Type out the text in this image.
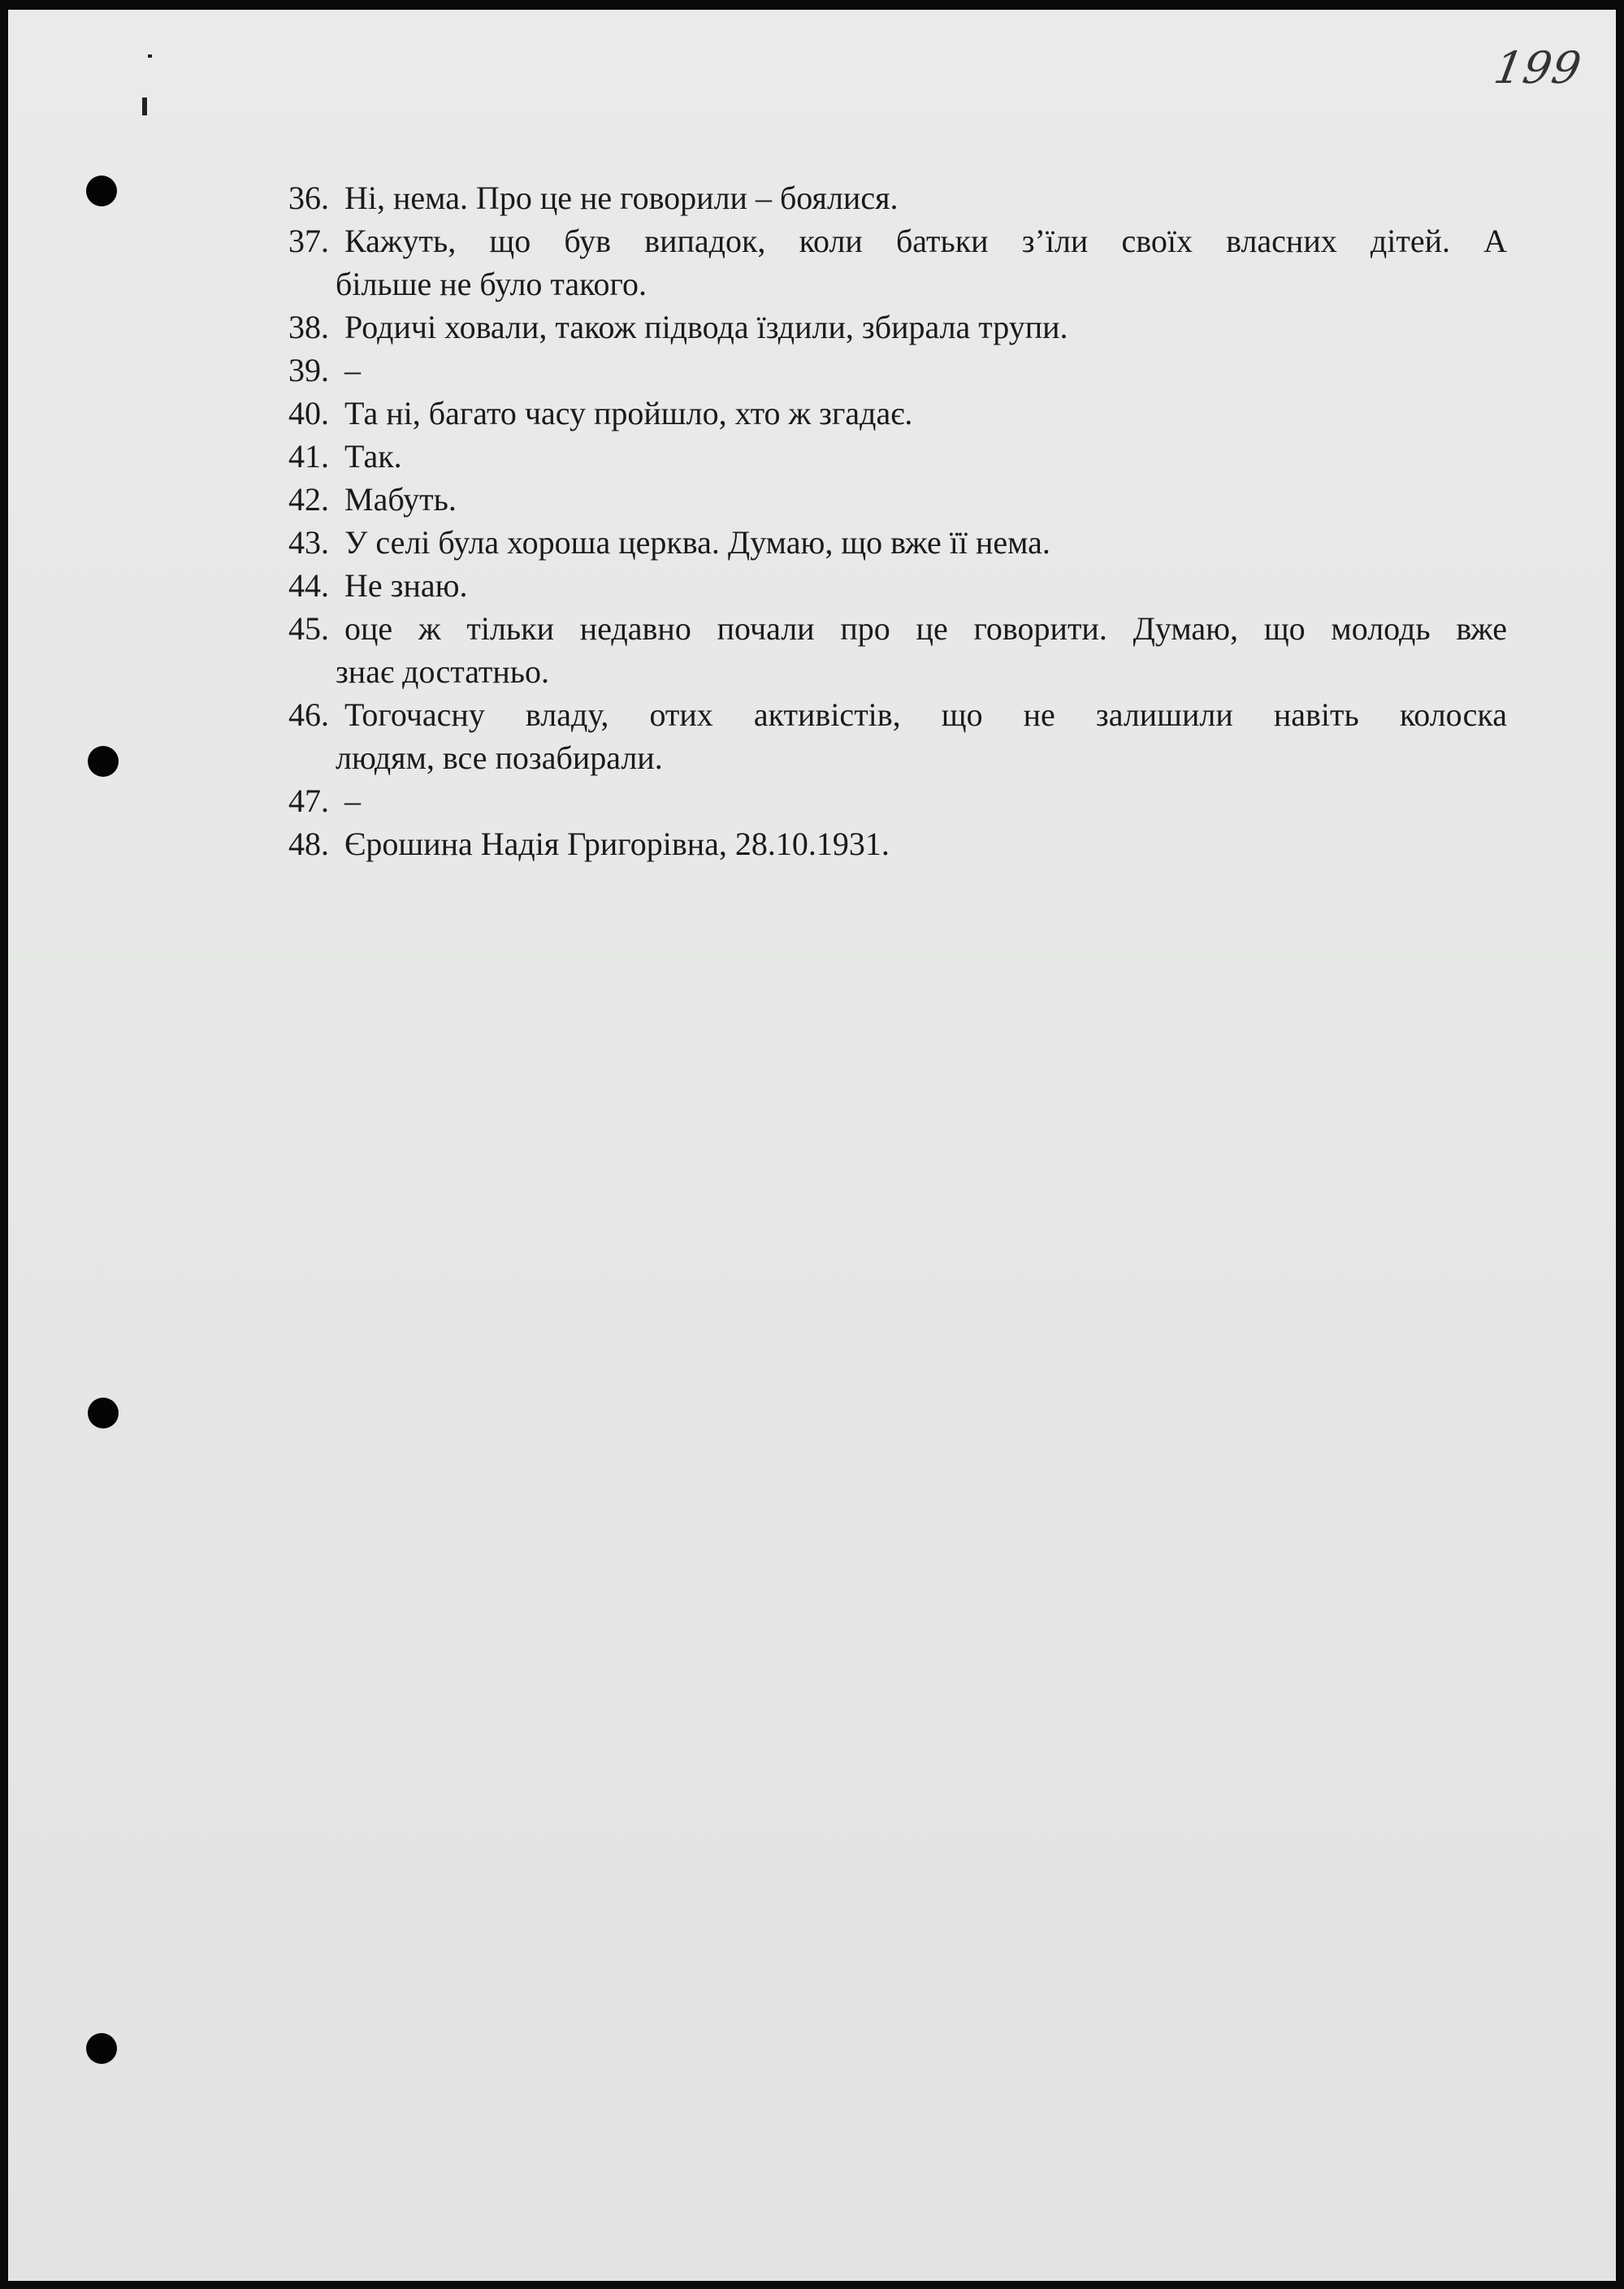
199
36. Ні, нема. Про це не говорили – боялися.
37. Кажуть, що був випадок, коли батьки з’їли своїх власних дітей. А
більше не було такого.
38. Родичі ховали, також підвода їздили, збирала трупи.
39. –
40. Та ні, багато часу пройшло, хто ж згадає.
41. Так.
42. Мабуть.
43. У селі була хороша церква. Думаю, що вже її нема.
44. Не знаю.
45. оце ж тільки недавно почали про це говорити. Думаю, що молодь вже
знає достатньо.
46. Тогочасну владу, отих активістів, що не залишили навіть колоска
людям, все позабирали.
47. –
48. Єрошина Надія Григорівна, 28.10.1931.
